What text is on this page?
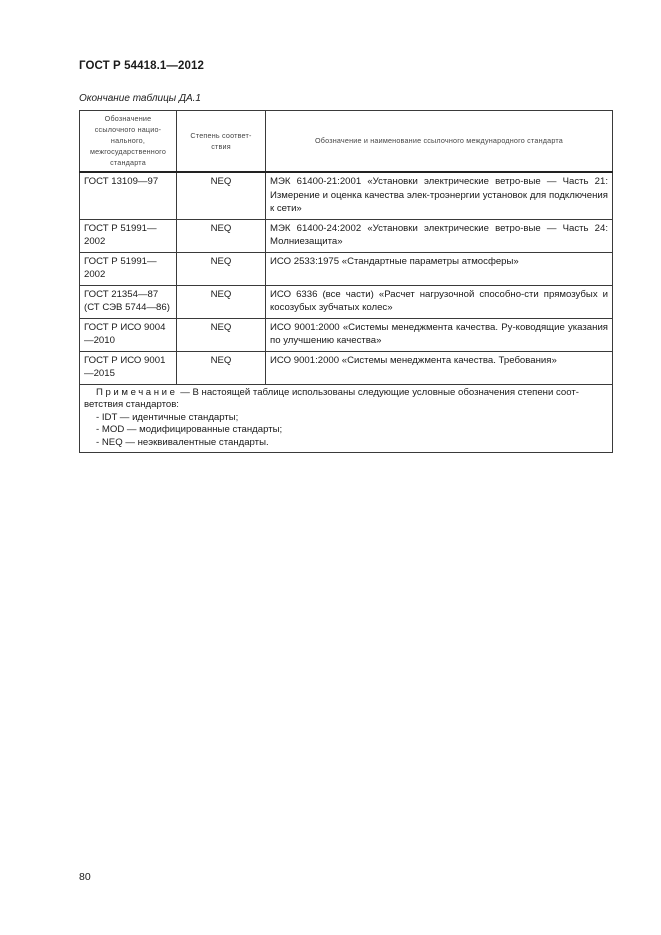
ГОСТ Р 54418.1—2012
Окончание таблицы ДА.1
Обозначение ссылочного нацио-нального, межгосударственного стандарта	Степень соответ-ствия	Обозначение и наименование ссылочного международного стандарта
ГОСТ 13109—97	NEQ	МЭК 61400-21:2001 «Установки электрические ветро-вые — Часть 21: Измерение и оценка качества элек-троэнергии установок для подключения к сети»
ГОСТ Р 51991—2002	NEQ	МЭК 61400-24:2002 «Установки электрические ветро-вые — Часть 24: Молниезащита»
ГОСТ Р 51991—2002	NEQ	ИСО 2533:1975 «Стандартные параметры атмосферы»
ГОСТ 21354—87 (СТ СЭВ 5744—86)	NEQ	ИСО 6336 (все части) «Расчет нагрузочной способно-сти прямозубых и косозубых зубчатых колес»
ГОСТ Р ИСО 9004—2010	NEQ	ИСО 9001:2000 «Системы менеджмента качества. Ру-ководящие указания по улучшению качества»
ГОСТ Р ИСО 9001—2015	NEQ	ИСО 9001:2000 «Системы менеджмента качества. Требования»

Примечание — В настоящей таблице использованы следующие условные обозначения степени соот-ветствия стандартов:
- IDT — идентичные стандарты;
- MOD — модифицированные стандарты;
- NEQ — неэквивалентные стандарты.		
80
